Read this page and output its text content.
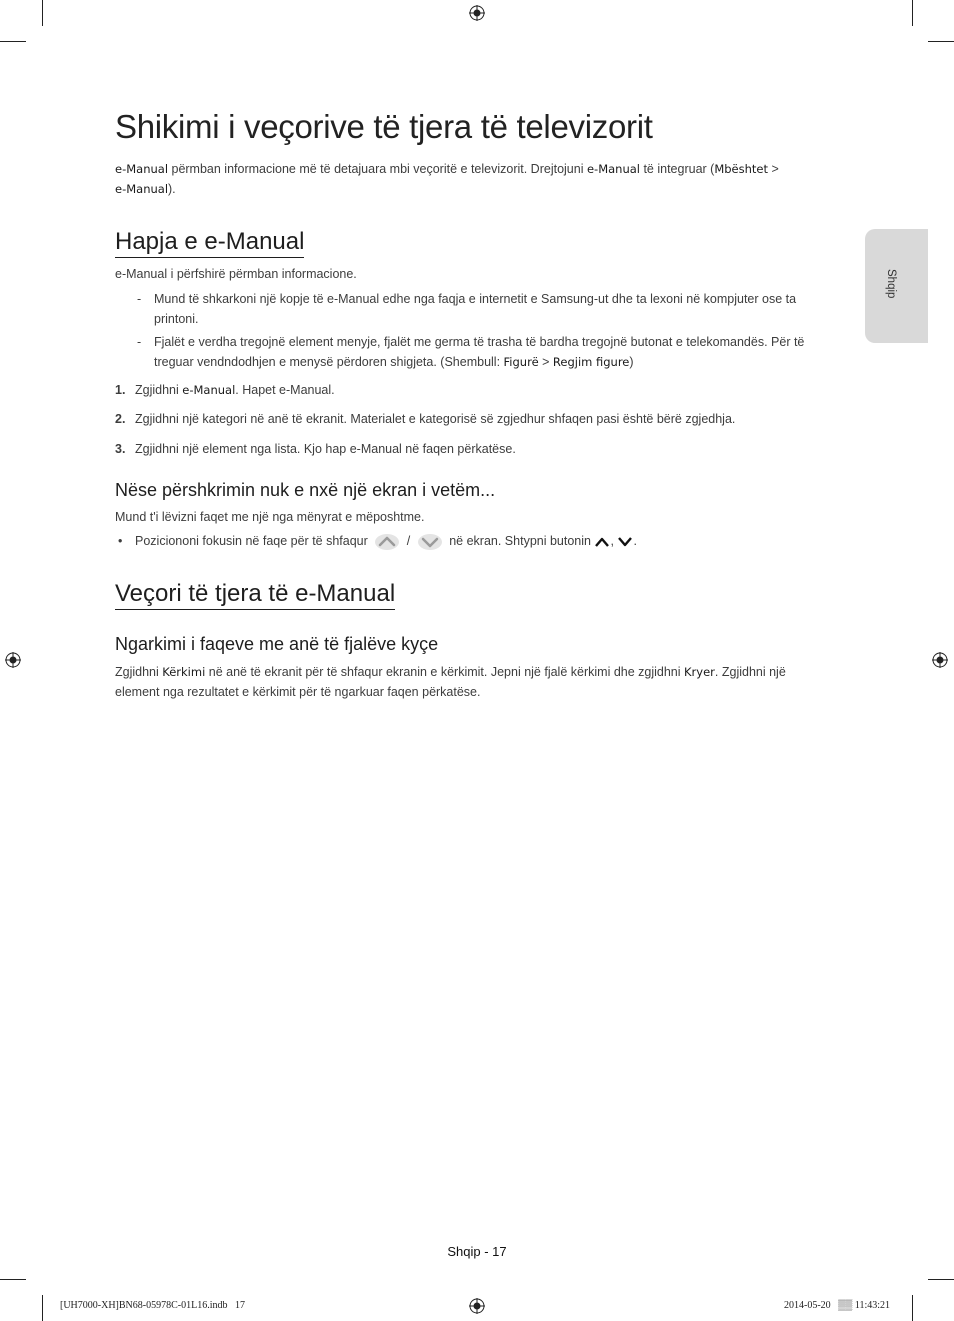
Shqip
Shikimi i veçorive të tjera të televizorit
e-Manual përmban informacione më të detajuara mbi veçoritë e televizorit. Drejtojuni e-Manual të integruar (Mbështet >
e-Manual).
Hapja e e-Manual
e-Manual i përfshirë përmban informacione.
- Mund të shkarkoni një kopje të e-Manual edhe nga faqja e internetit e Samsung-ut dhe ta lexoni në kompjuter ose ta printoni.
- Fjalët e verdha tregojnë element menyje, fjalët me germa të trasha të bardha tregojnë butonat e telekomandës. Për të treguar vendndodhjen e menysë përdoren shigjeta. (Shembull: Figurë > Regjim figure)
1. Zgjidhni e-Manual. Hapet e-Manual.
2. Zgjidhni një kategori në anë të ekranit. Materialet e kategorisë së zgjedhur shfaqen pasi është bërë zgjedhja.
3. Zgjidhni një element nga lista. Kjo hap e-Manual në faqen përkatëse.
Nëse përshkrimin nuk e nxë një ekran i vetëm...
Mund t'i lëvizni faqet me një nga mënyrat e mëposhtme.
• Poziciononi fokusin në faqe për të shfaqur	/	në ekran. Shtypni butonin , .
Veçori të tjera të e-Manual
Ngarkimi i faqeve me anë të fjalëve kyçe
Zgjidhni Kërkimi në anë të ekranit për të shfaqur ekranin e kërkimit. Jepni një fjalë kërkimi dhe zgjidhni Kryer. Zgjidhni një element nga rezultatet e kërkimit për të ngarkuar faqen përkatëse.
Shqip - 17
[UH7000-XH]BN68-05978C-01L16.indb   17	2014-05-20   ▒▒ 11:43:21
